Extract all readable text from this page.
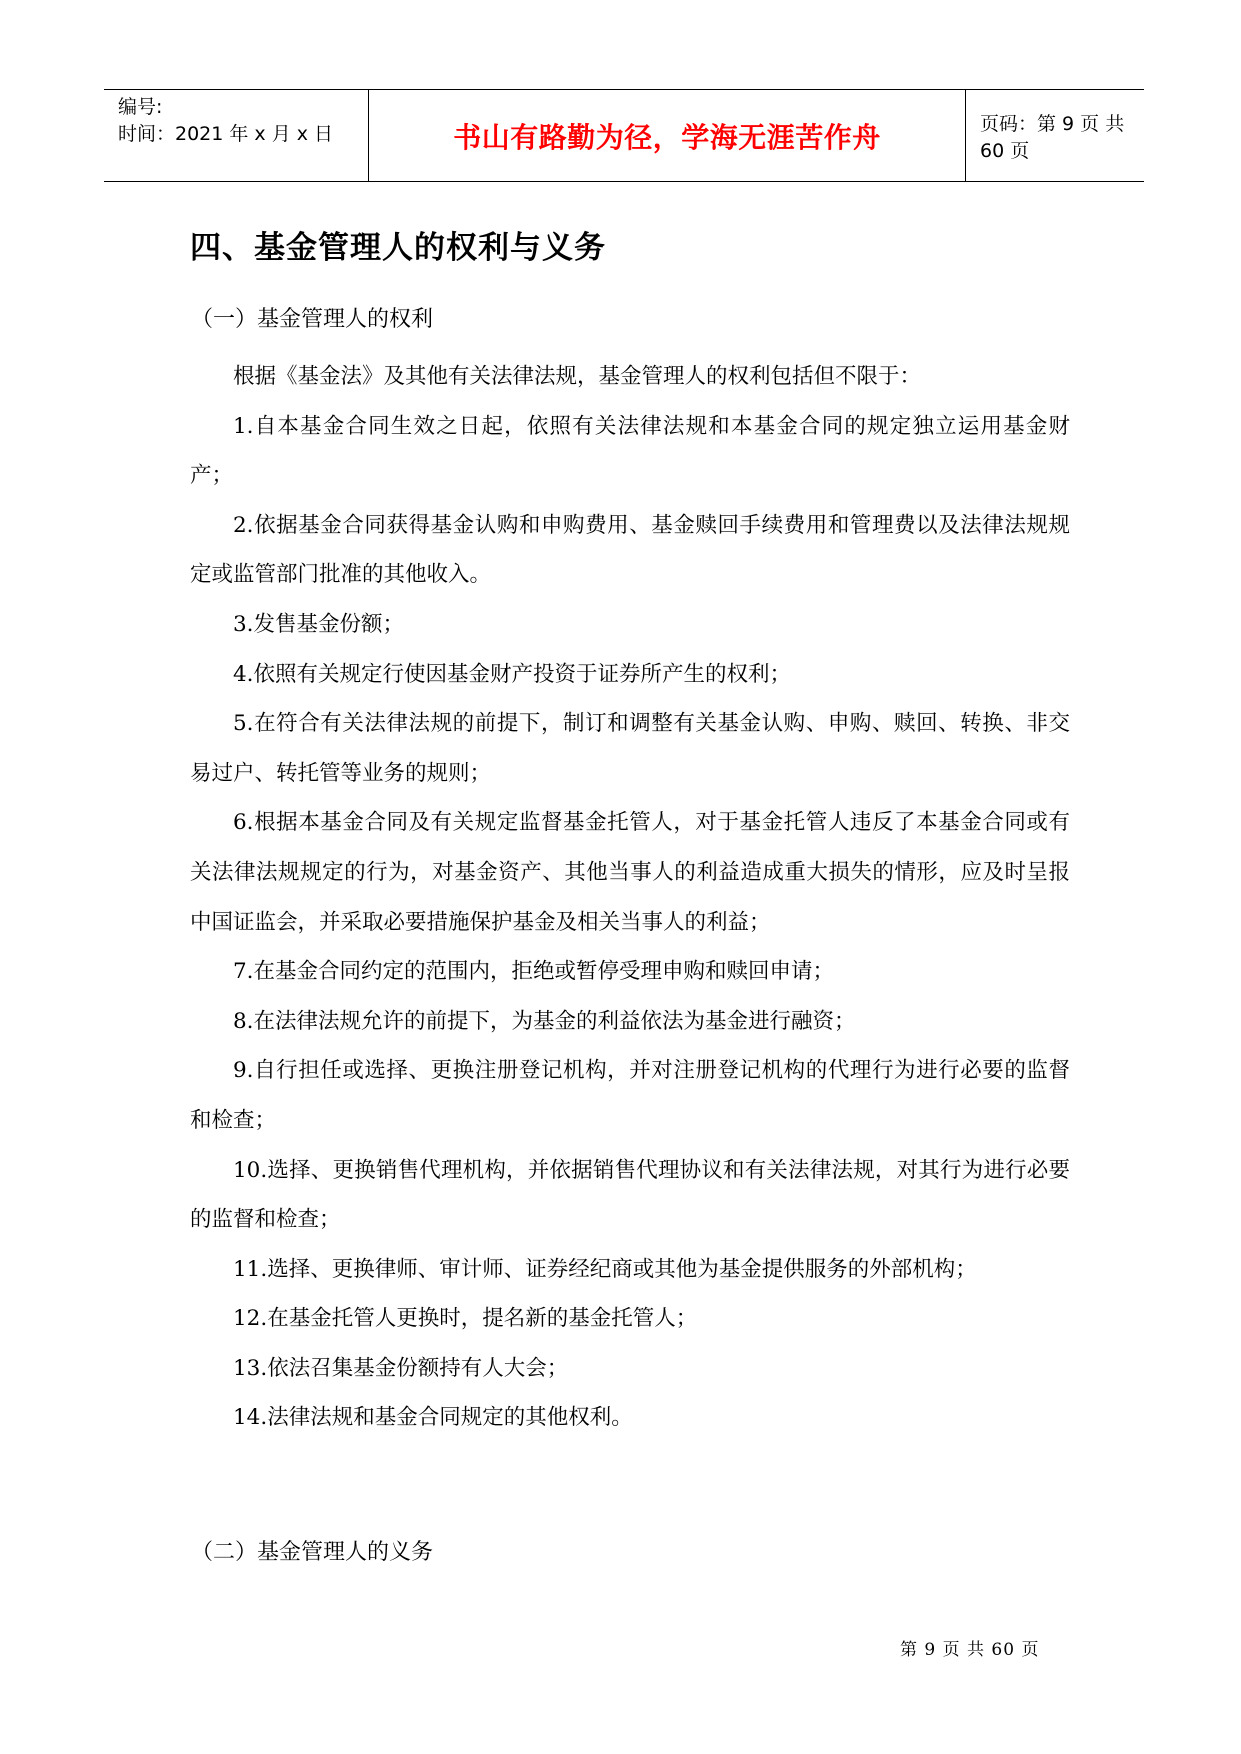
编号:
时间：2021 年 x 月 x 日	书山有路勤为径，学海无涯苦作舟	页码：第 9 页 共 60 页
四、基金管理人的权利与义务
（一）基金管理人的权利

根据《基金法》及其他有关法律法规，基金管理人的权利包括但不限于：

1.自本基金合同生效之日起，依照有关法律法规和本基金合同的规定独立运用基金财产；

2.依据基金合同获得基金认购和申购费用、基金赎回手续费用和管理费以及法律法规规定或监管部门批准的其他收入。

3.发售基金份额；

4.依照有关规定行使因基金财产投资于证券所产生的权利；

5.在符合有关法律法规的前提下，制订和调整有关基金认购、申购、赎回、转换、非交易过户、转托管等业务的规则；

6.根据本基金合同及有关规定监督基金托管人，对于基金托管人违反了本基金合同或有关法律法规规定的行为，对基金资产、其他当事人的利益造成重大损失的情形，应及时呈报中国证监会，并采取必要措施保护基金及相关当事人的利益；

7.在基金合同约定的范围内，拒绝或暂停受理申购和赎回申请；

8.在法律法规允许的前提下，为基金的利益依法为基金进行融资；

9.自行担任或选择、更换注册登记机构，并对注册登记机构的代理行为进行必要的监督和检查；

10.选择、更换销售代理机构，并依据销售代理协议和有关法律法规，对其行为进行必要的监督和检查；

11.选择、更换律师、审计师、证券经纪商或其他为基金提供服务的外部机构；

12.在基金托管人更换时，提名新的基金托管人；

13.依法召集基金份额持有人大会；

14.法律法规和基金合同规定的其他权利。

（二）基金管理人的义务
第 9 页 共 60 页
